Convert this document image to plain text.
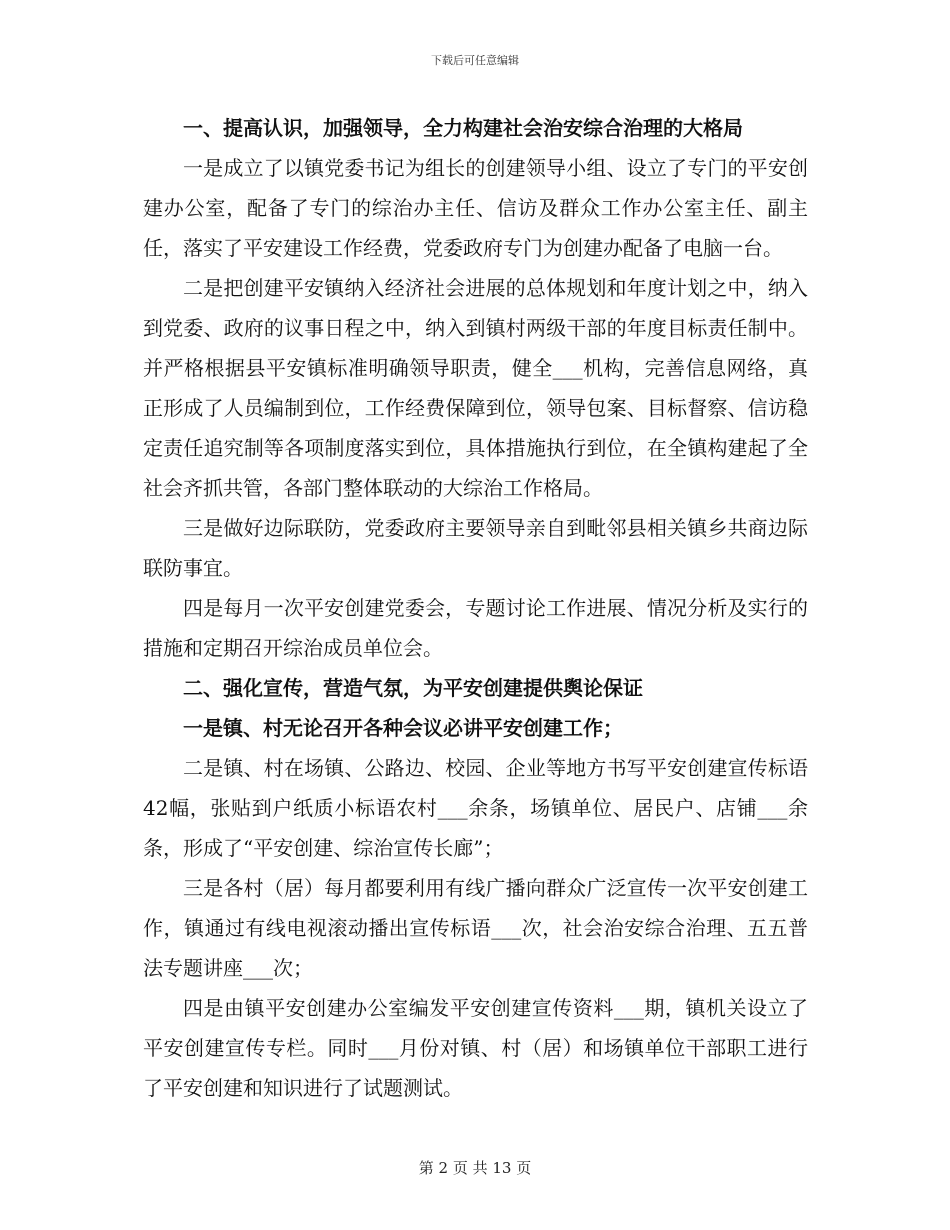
下载后可任意编辑

一、提高认识，加强领导，全力构建社会治安综合治理的大格局

一是成立了以镇党委书记为组长的创建领导小组、设立了专门的平安创建办公室，配备了专门的综治办主任、信访及群众工作办公室主任、副主任，落实了平安建设工作经费，党委政府专门为创建办配备了电脑一台。

二是把创建平安镇纳入经济社会进展的总体规划和年度计划之中，纳入到党委、政府的议事日程之中，纳入到镇村两级干部的年度目标责任制中。并严格根据县平安镇标准明确领导职责，健全___机构，完善信息网络，真正形成了人员编制到位，工作经费保障到位，领导包案、目标督察、信访稳定责任追究制等各项制度落实到位，具体措施执行到位，在全镇构建起了全社会齐抓共管，各部门整体联动的大综治工作格局。

三是做好边际联防，党委政府主要领导亲自到毗邻县相关镇乡共商边际联防事宜。

四是每月一次平安创建党委会，专题讨论工作进展、情况分析及实行的措施和定期召开综治成员单位会。

二、强化宣传，营造气氛，为平安创建提供舆论保证

一是镇、村无论召开各种会议必讲平安创建工作；

二是镇、村在场镇、公路边、校园、企业等地方书写平安创建宣传标语42幅，张贴到户纸质小标语农村___余条，场镇单位、居民户、店铺___余条，形成了“平安创建、综治宣传长廊”；

三是各村（居）每月都要利用有线广播向群众广泛宣传一次平安创建工作，镇通过有线电视滚动播出宣传标语___次，社会治安综合治理、五五普法专题讲座___次；

四是由镇平安创建办公室编发平安创建宣传资料___期，镇机关设立了平安创建宣传专栏。同时___月份对镇、村（居）和场镇单位干部职工进行了平安创建和知识进行了试题测试。

第 2 页 共 13 页
